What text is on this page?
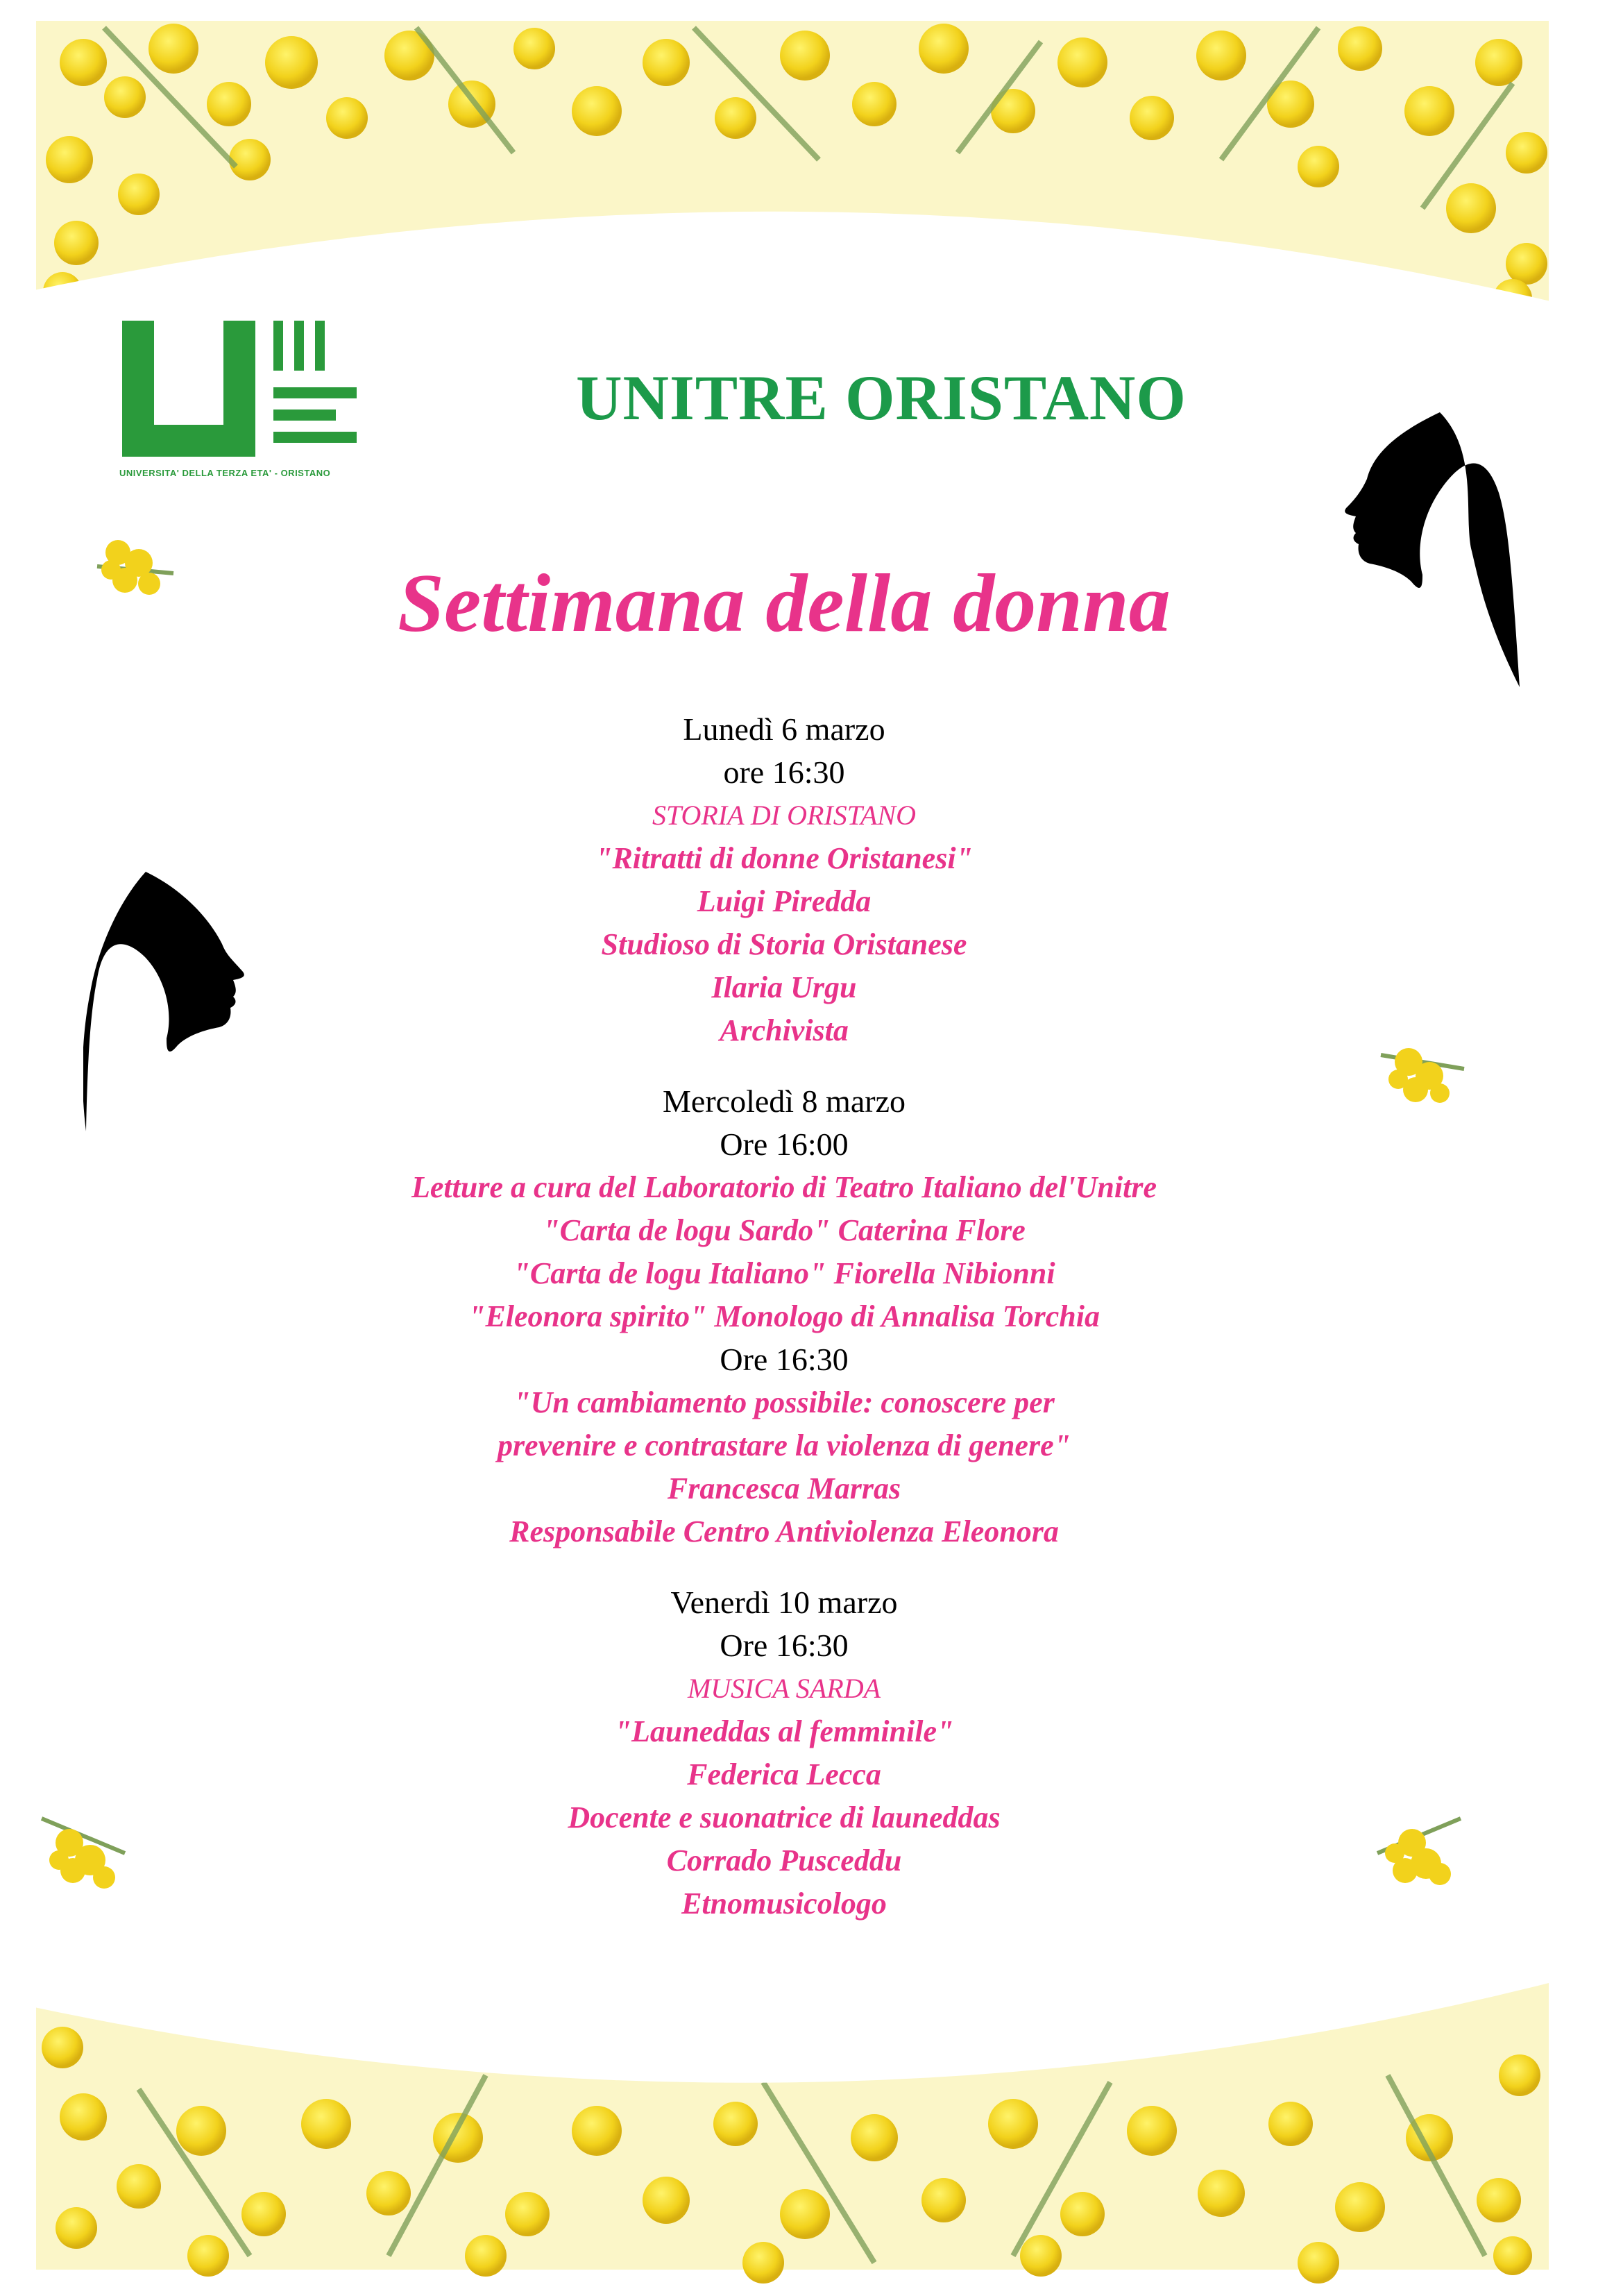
UNIVERSITA' DELLA TERZA ETA' - ORISTANO
UNITRE ORISTANO
Settimana della donna
Lunedì 6 marzo
ore 16:30
STORIA DI ORISTANO
"Ritratti di donne Oristanesi"
Luigi Piredda
Studioso di Storia Oristanese
Ilaria Urgu
Archivista
Mercoledì 8 marzo
Ore 16:00
Letture a cura del Laboratorio di Teatro Italiano del'Unitre
"Carta de logu Sardo" Caterina Flore
"Carta de logu Italiano" Fiorella Nibionni
"Eleonora spirito" Monologo di Annalisa Torchia
Ore 16:30
"Un cambiamento possibile: conoscere per
prevenire e contrastare la violenza di genere"
Francesca Marras
Responsabile Centro Antiviolenza Eleonora
Venerdì 10 marzo
Ore 16:30
MUSICA SARDA
"Launeddas al femminile"
Federica Lecca
Docente e suonatrice di launeddas
Corrado Pusceddu
Etnomusicologo
